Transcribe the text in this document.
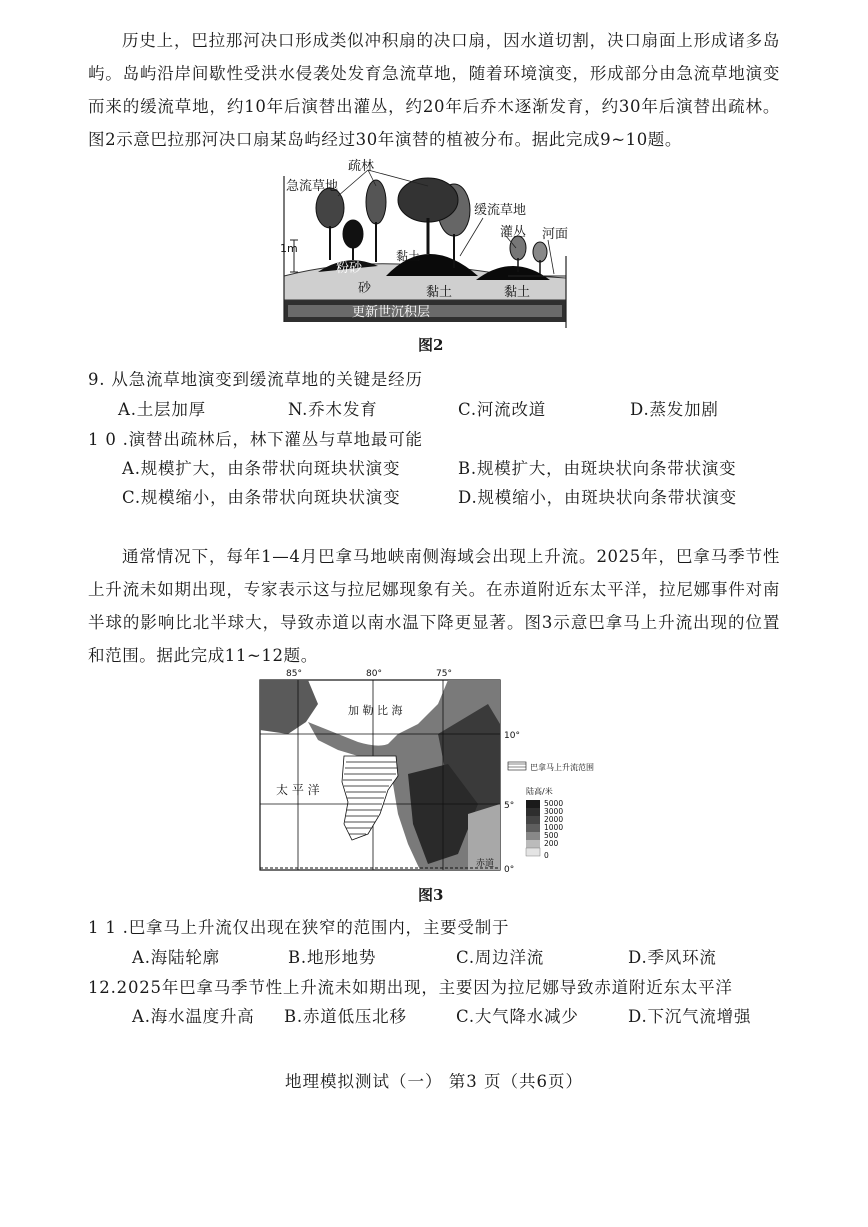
历史上，巴拉那河决口形成类似冲积扇的决口扇，因水道切割，决口扇面上形成诸多岛屿。岛屿沿岸间歇性受洪水侵袭处发育急流草地，随着环境演变，形成部分由急流草地演变而来的缓流草地，约10年后演替出灌丛，约20年后乔木逐渐发育，约30年后演替出疏林。图2示意巴拉那河决口扇某岛屿经过30年演替的植被分布。据此完成9~10题。

疏林
急流草地
缓流草地
灌丛 河面
1m
粉砂
黏土
砂	黏土	黏土
更新世沉积层
图2
9. 从急流草地演变到缓流草地的关键是经历
A.土层加厚	N.乔木发育	C.河流改道	D.蒸发加剧
1 0 .演替出疏林后，林下灌丛与草地最可能
A.规模扩大，由条带状向斑块状演变	B.规模扩大，由斑块状向条带状演变
C.规模缩小，由条带状向斑块状演变	D.规模缩小，由斑块状向条带状演变

通常情况下，每年1—4月巴拿马地峡南侧海域会出现上升流。2025年，巴拿马季节性上升流未如期出现，专家表示这与拉尼娜现象有关。在赤道附近东太平洋，拉尼娜事件对南半球的影响比北半球大，导致赤道以南水温下降更显著。图3示意巴拿马上升流出现的位置和范围。据此完成11~12题。

85°	80°	75°
加 勒 比 海
太 平 洋
赤道
10°
5°
0°
巴拿马上升流范围
陆高/米
5000
3000
2000
1000
500
200
0
图3
1 1 .巴拿马上升流仅出现在狭窄的范围内，主要受制于
A.海陆轮廓	B.地形地势	C.周边洋流	D.季风环流
12.2025年巴拿马季节性上升流未如期出现，主要因为拉尼娜导致赤道附近东太平洋
A.海水温度升高 B.赤道低压北移	C.大气降水减少	D.下沉气流增强
地理模拟测试（一） 第3 页（共6页）
